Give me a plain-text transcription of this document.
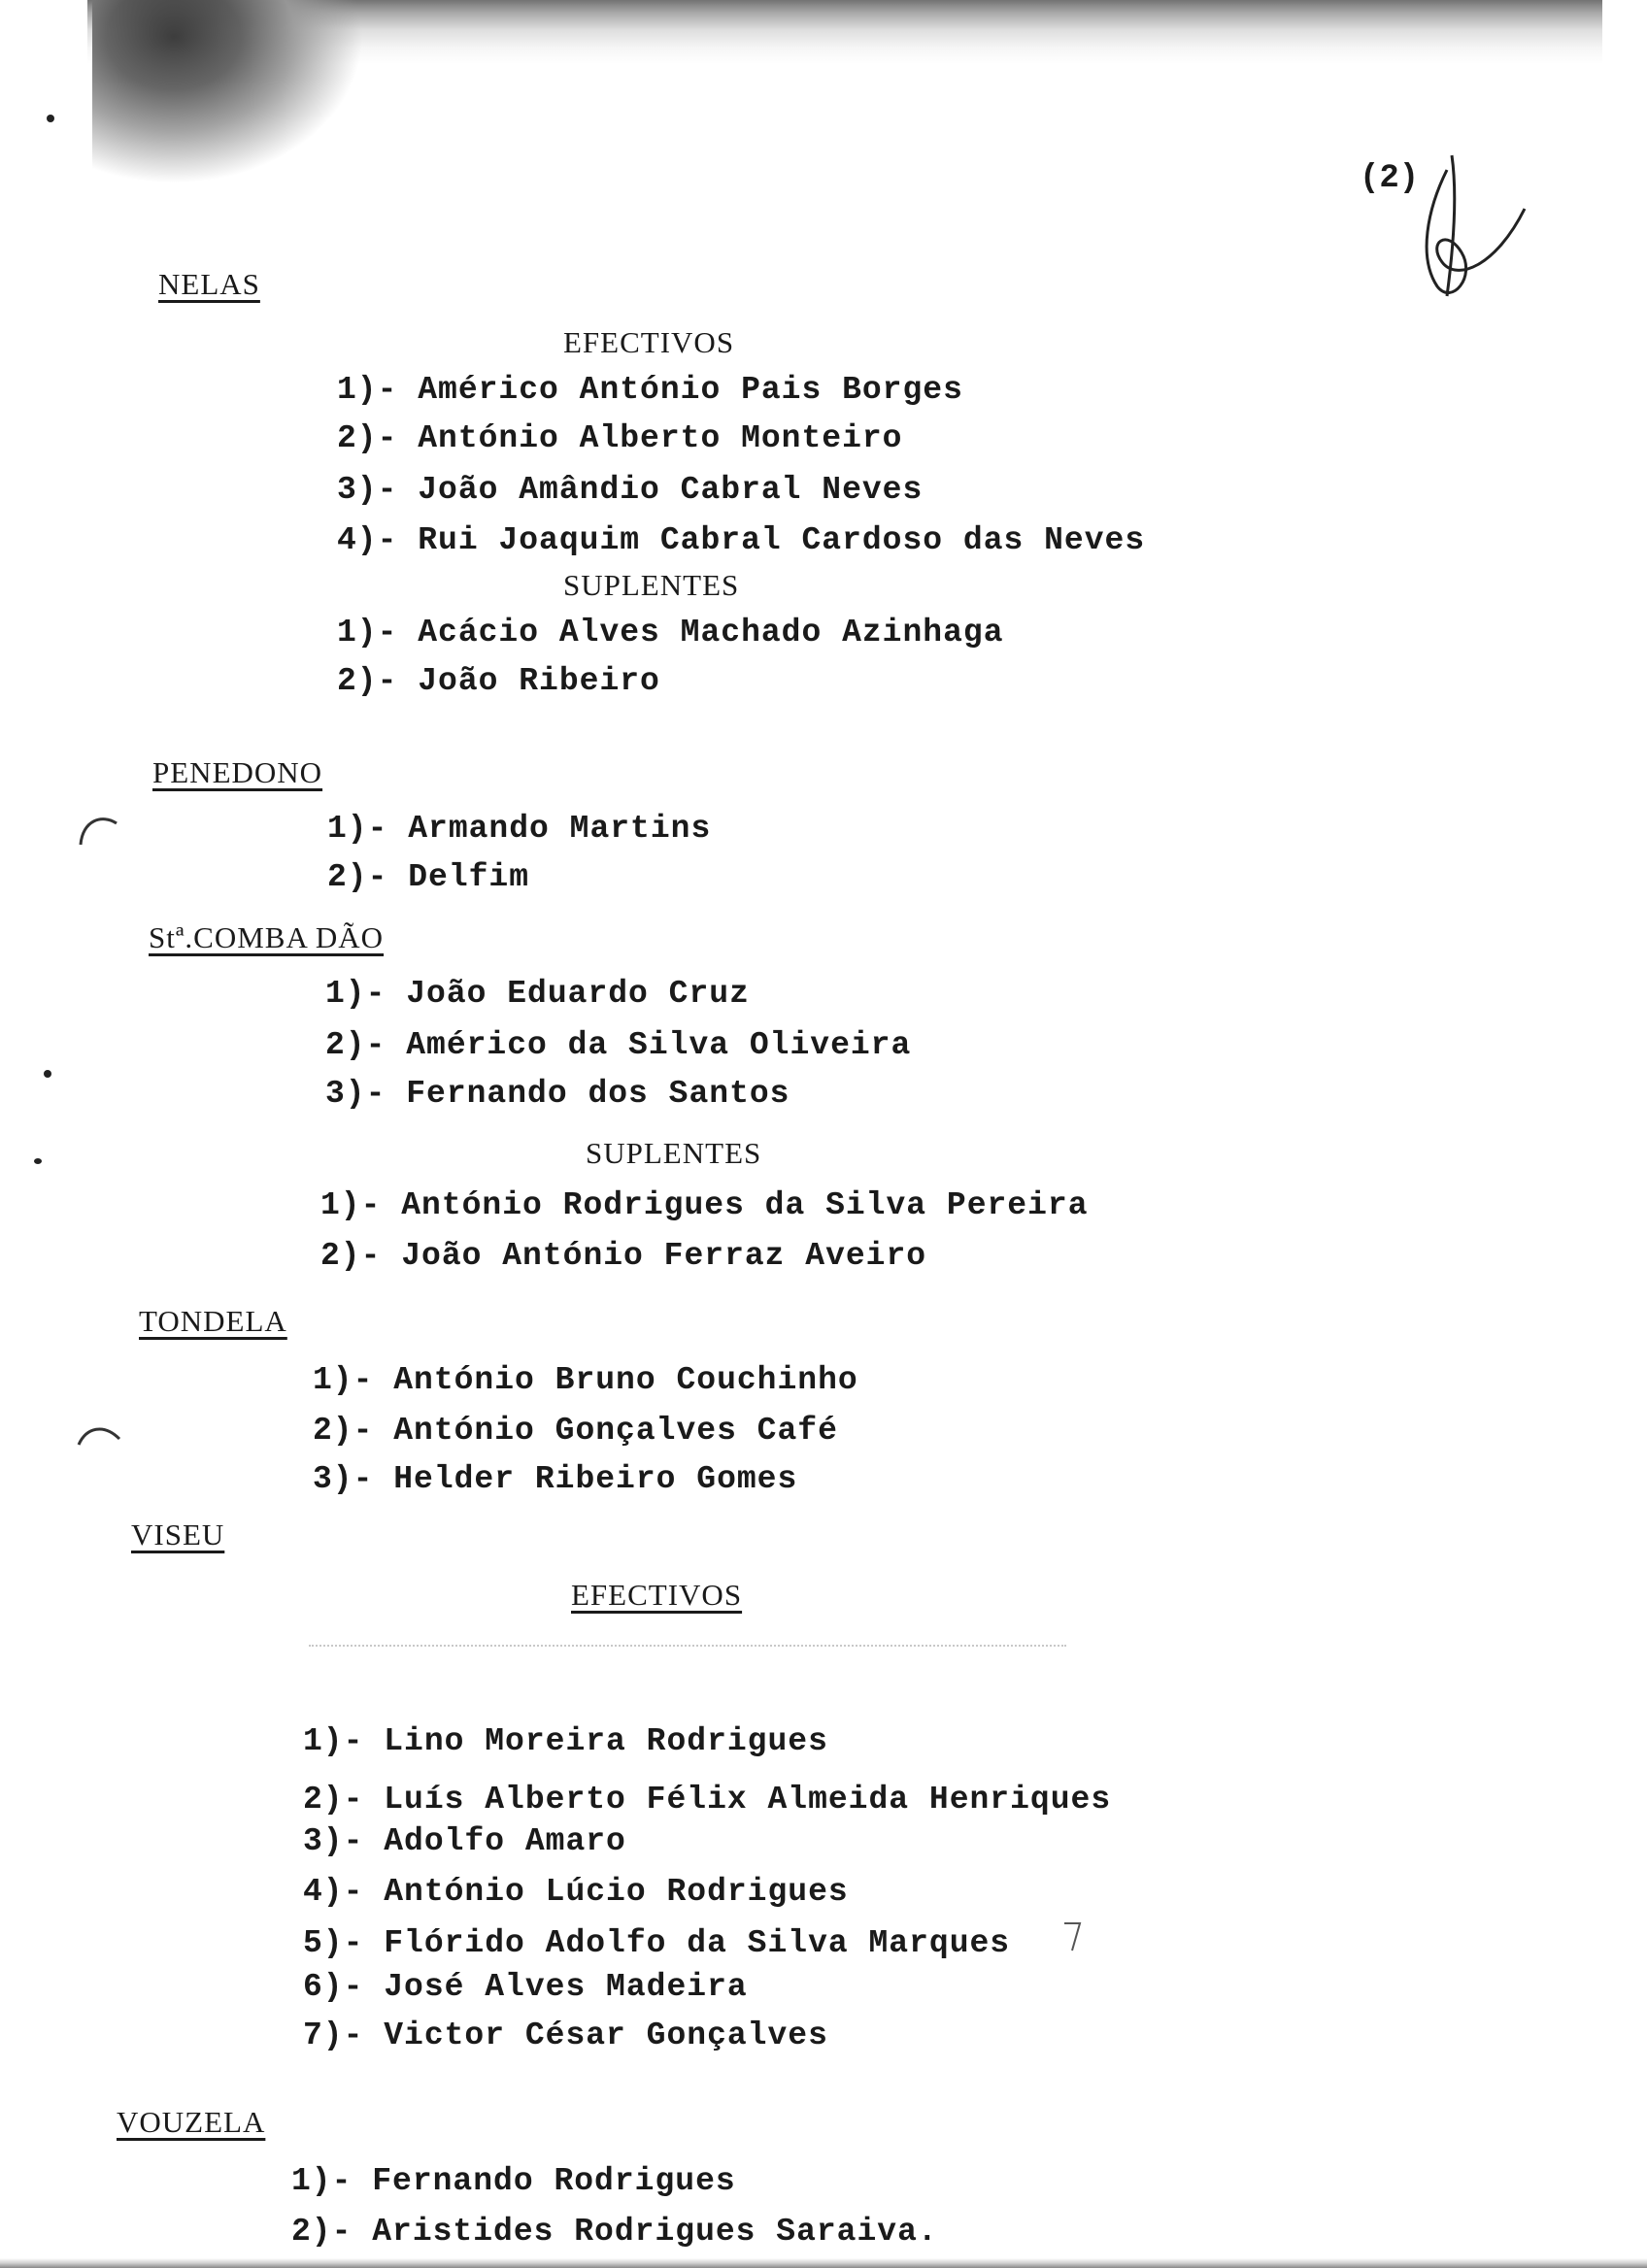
(2)
NELAS
EFECTIVOS
1)- Américo António Pais Borges
2)- António Alberto Monteiro
3)- João Amândio Cabral Neves
4)- Rui Joaquim Cabral Cardoso das Neves
SUPLENTES
1)- Acácio Alves Machado Azinhaga
2)- João Ribeiro
PENEDONO
1)- Armando Martins
2)- Delfim
Stª.COMBA DÃO
1)- João Eduardo Cruz
2)- Américo da Silva Oliveira
3)- Fernando dos Santos
SUPLENTES
1)- António Rodrigues da Silva Pereira
2)- João António Ferraz Aveiro
TONDELA
1)- António Bruno Couchinho
2)- António Gonçalves Café
3)- Helder Ribeiro Gomes
VISEU
EFECTIVOS
1)- Lino Moreira Rodrigues
2)- Luís Alberto Félix Almeida Henriques
3)- Adolfo Amaro
4)- António Lúcio Rodrigues
5)- Flórido Adolfo da Silva Marques
6)- José Alves Madeira
7)- Victor César Gonçalves
VOUZELA
1)- Fernando Rodrigues
2)- Aristides Rodrigues Saraiva.
